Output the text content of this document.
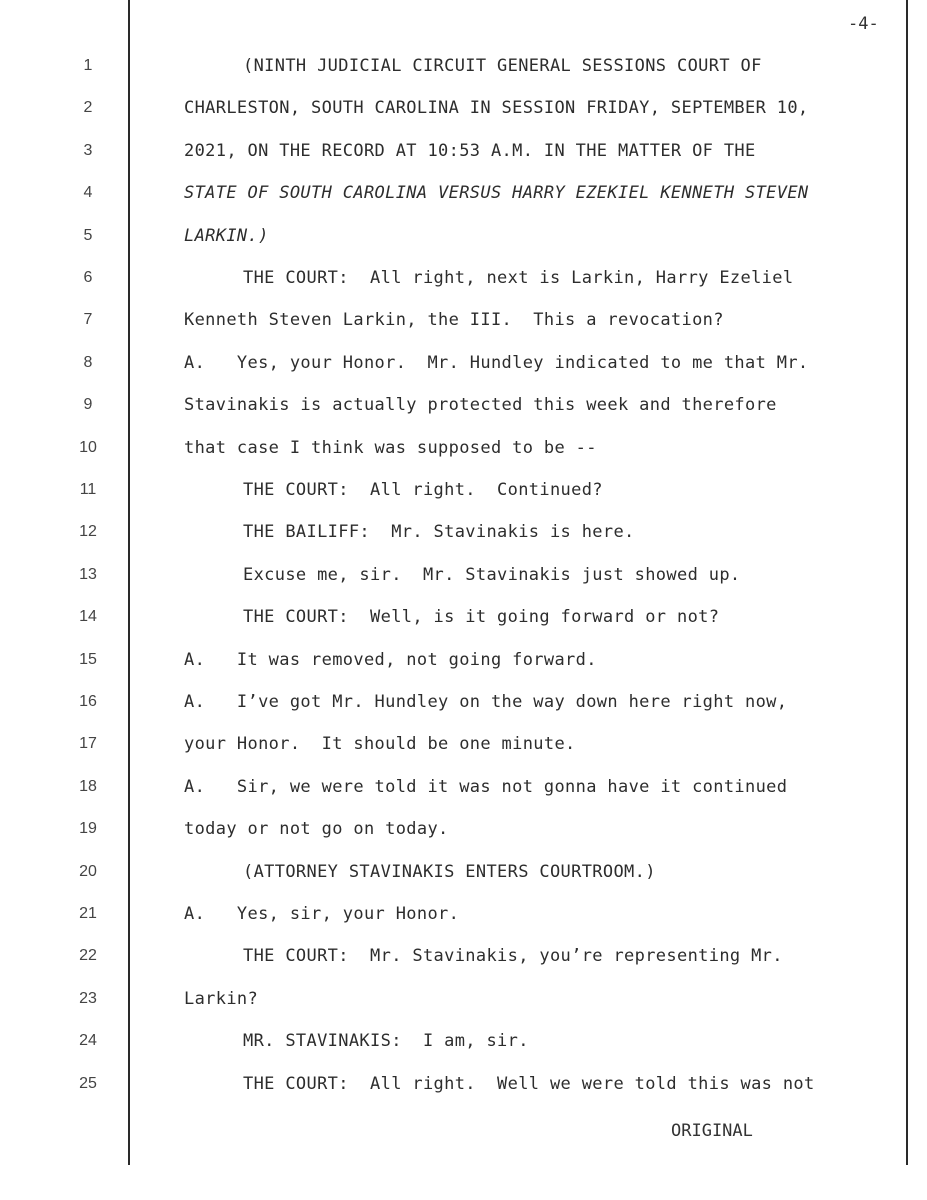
-4-
1	(NINTH JUDICIAL CIRCUIT GENERAL SESSIONS COURT OF
2	CHARLESTON, SOUTH CAROLINA IN SESSION FRIDAY, SEPTEMBER 10,
3	2021, ON THE RECORD AT 10:53 A.M. IN THE MATTER OF THE
4	STATE OF SOUTH CAROLINA VERSUS HARRY EZEKIEL KENNETH STEVEN
5	LARKIN.)
6	THE COURT:  All right, next is Larkin, Harry Ezeliel
7	Kenneth Steven Larkin, the III.  This a revocation?
8	A.   Yes, your Honor.  Mr. Hundley indicated to me that Mr.
9	Stavinakis is actually protected this week and therefore
10	that case I think was supposed to be --
11	THE COURT:  All right.  Continued?
12	THE BAILIFF:  Mr. Stavinakis is here.
13	Excuse me, sir.  Mr. Stavinakis just showed up.
14	THE COURT:  Well, is it going forward or not?
15	A.   It was removed, not going forward.
16	A.   I’ve got Mr. Hundley on the way down here right now,
17	your Honor.  It should be one minute.
18	A.   Sir, we were told it was not gonna have it continued
19	today or not go on today.
20	(ATTORNEY STAVINAKIS ENTERS COURTROOM.)
21	A.   Yes, sir, your Honor.
22	THE COURT:  Mr. Stavinakis, you’re representing Mr.
23	Larkin?
24	MR. STAVINAKIS:  I am, sir.
25	THE COURT:  All right.  Well we were told this was not
ORIGINAL
